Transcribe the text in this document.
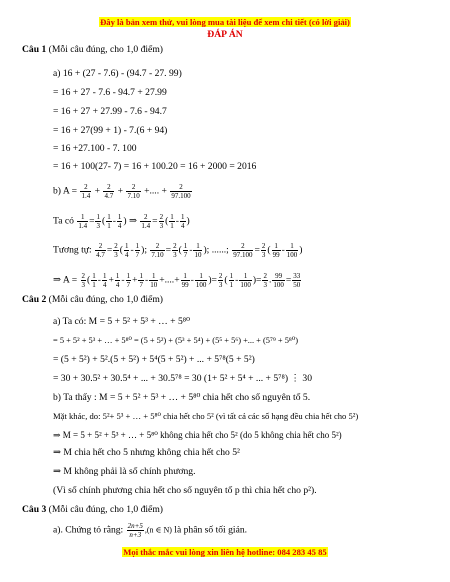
Đây là bản xem thử, vui lòng mua tài liệu để xem chi tiết (có lời giải)
ĐÁP ÁN
Câu 1 (Mỗi câu đúng, cho 1,0 điểm)
a) 16 + (27 - 7.6) - (94.7 - 27. 99)
= 16 + 27 - 7.6 - 94.7 + 27.99
= 16 + 27 + 27.99 - 7.6 - 94.7
= 16 + 27(99 + 1) - 7.(6 + 94)
= 16 +27.100 - 7. 100
= 16 + 100(27- 7) = 16 + 100.20 = 16 + 2000 = 2016
b) $A = \frac{2}{1.4} + \frac{2}{4.7} + \frac{2}{7.10}$ +.... + $\frac{2}{97.100}$
Ta có $\frac{1}{1.4} = \frac{1}{3}$ ( $\frac{1}{1} - \frac{1}{4}$ ) ⇒ $\frac{2}{1.4} = \frac{2}{3}$ ( $\frac{1}{1} - \frac{1}{4}$ )
Tương tự: $\frac{2}{4.7} = \frac{2}{3}$ ( $\frac{1}{4} - \frac{1}{7}$ ); $\frac{2}{7.10} = \frac{2}{3}$ ( $\frac{1}{7} - \frac{1}{10}$ ); ......; $\frac{2}{97.100} = \frac{2}{3}$ ( $\frac{1}{99} - \frac{1}{100}$ )
⇒ $A = \frac{2}{3}$ ( $\frac{1}{1} - \frac{1}{4} + \frac{1}{4} - \frac{1}{7} + \frac{1}{7} - \frac{1}{10}$ +....+ $\frac{1}{99} - \frac{1}{100}$ )= $\frac{2}{3}$ ( $\frac{1}{1} - \frac{1}{100}$ )= $\frac{2}{3}$ . $\frac{99}{100} = \frac{33}{50}$
Câu 2 (Mỗi câu đúng, cho 1,0 điểm)
a) Ta có: M = 5 + 5² + 5³ + … + 5⁸⁰
= 5 + 5² + 5³ + … + 5⁸⁰ = (5 + 5²) + (5³ + 5⁴) + (5⁵ + 5⁶) +... + (5⁷⁹ + 5⁸⁰)
= (5 + 5²) + 5².(5 + 5²) + 5⁴(5 + 5²) + ... + 5⁷⁸(5 + 5²)
= 30 + 30.5² + 30.5⁴ + ... + 30.5⁷⁸ = 30 (1+ 5² + 5⁴ + ... + 5⁷⁸) ⋮ 30
b) Ta thấy : M = 5 + 5² + 5³ + … + 5⁸⁰ chia hết cho số nguyên tố 5.
Mặt khác, do: 5²+ 5³ + … + 5⁸⁰ chia hết cho 5² (vì tất cả các số hạng đều chia hết cho 5²)
⇒ M = 5 + 5² + 5³ + … + 5⁸⁰ không chia hết cho 5² (do 5 không chia hết cho 5²)
⇒ M chia hết cho 5 nhưng không chia hết cho 5²
⇒ M không phải là số chính phương.
(Vì số chính phương chia hết cho số nguyên tố p thì chia hết cho p²).
Câu 3 (Mỗi câu đúng, cho 1,0 điểm)
a). Chứng tỏ rằng: $\frac{2n+5}{n+3} ,(n$ ∈ N) là phân số tối giản.
Mọi thắc mắc vui lòng xin liên hệ hotline: 084 283 45 85
